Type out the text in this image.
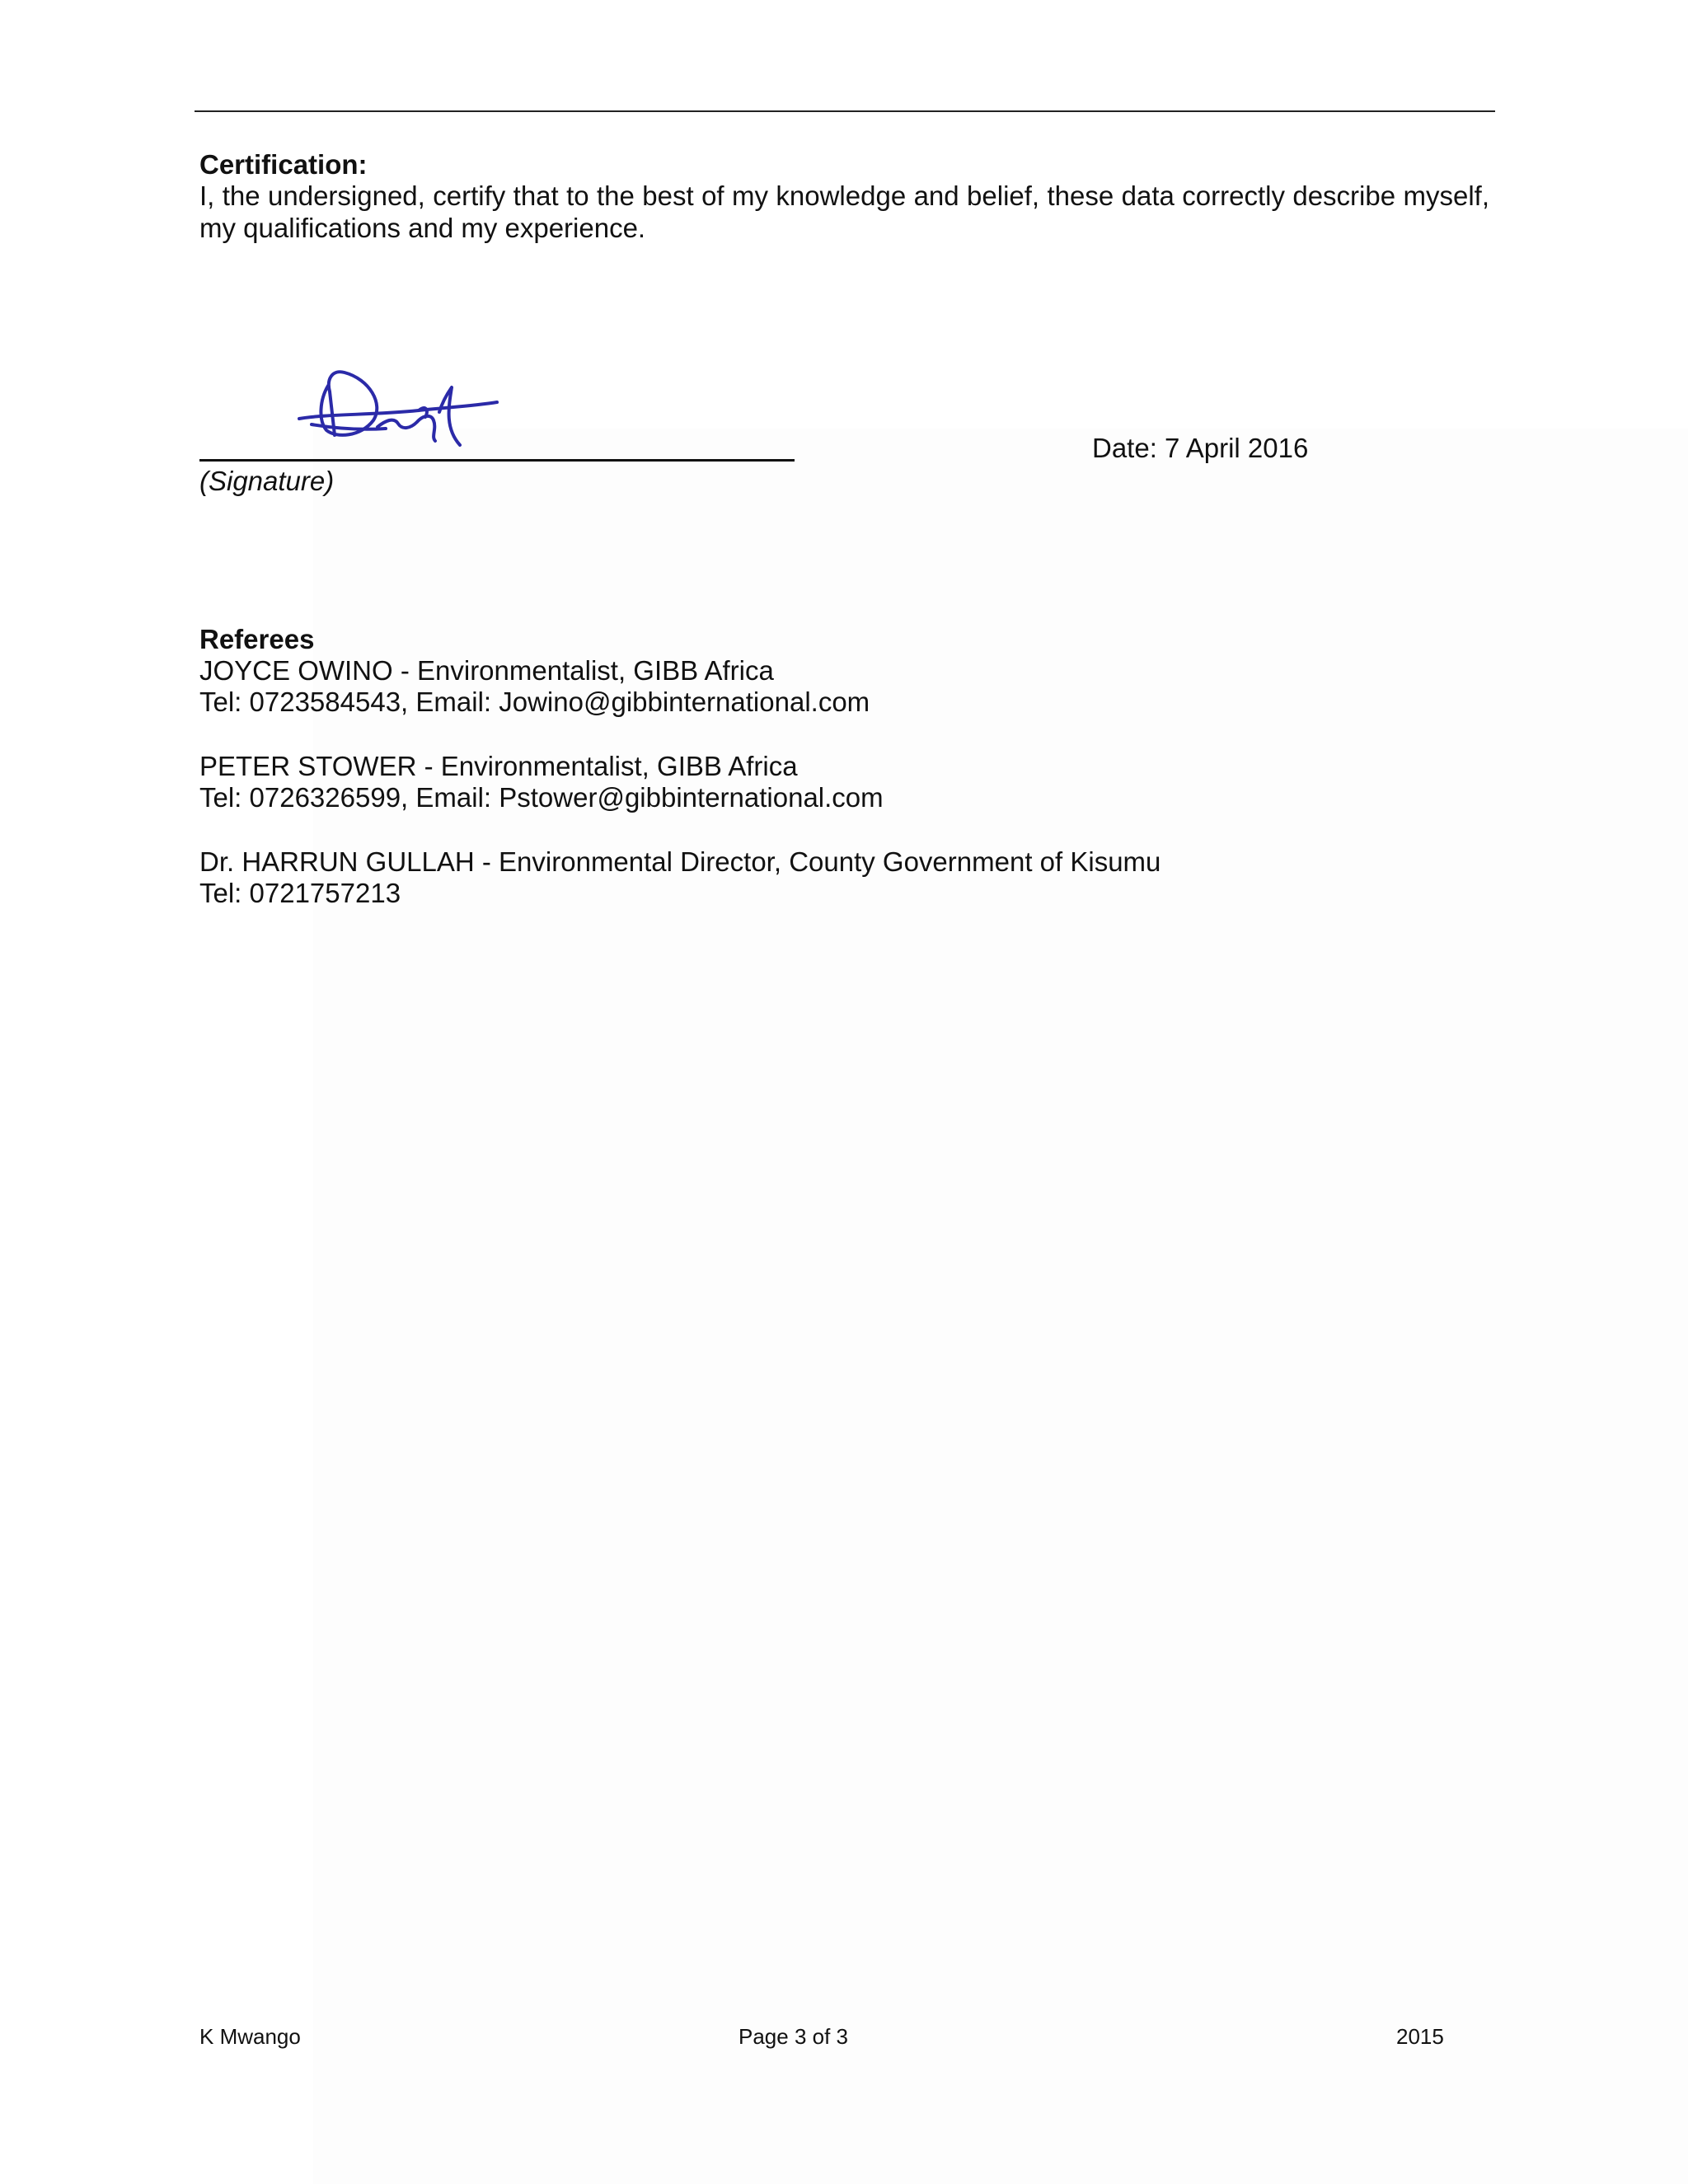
Certification:
I, the undersigned, certify that to the best of my knowledge and belief, these data correctly describe myself, my qualifications and my experience.
(Signature)
Date: 7 April 2016
Referees
JOYCE OWINO - Environmentalist, GIBB Africa
Tel: 0723584543, Email: Jowino@gibbinternational.com
PETER STOWER - Environmentalist, GIBB Africa
Tel: 0726326599, Email: Pstower@gibbinternational.com
Dr. HARRUN GULLAH - Environmental Director, County Government of Kisumu
Tel: 0721757213
K Mwango	Page 3 of 3	2015
